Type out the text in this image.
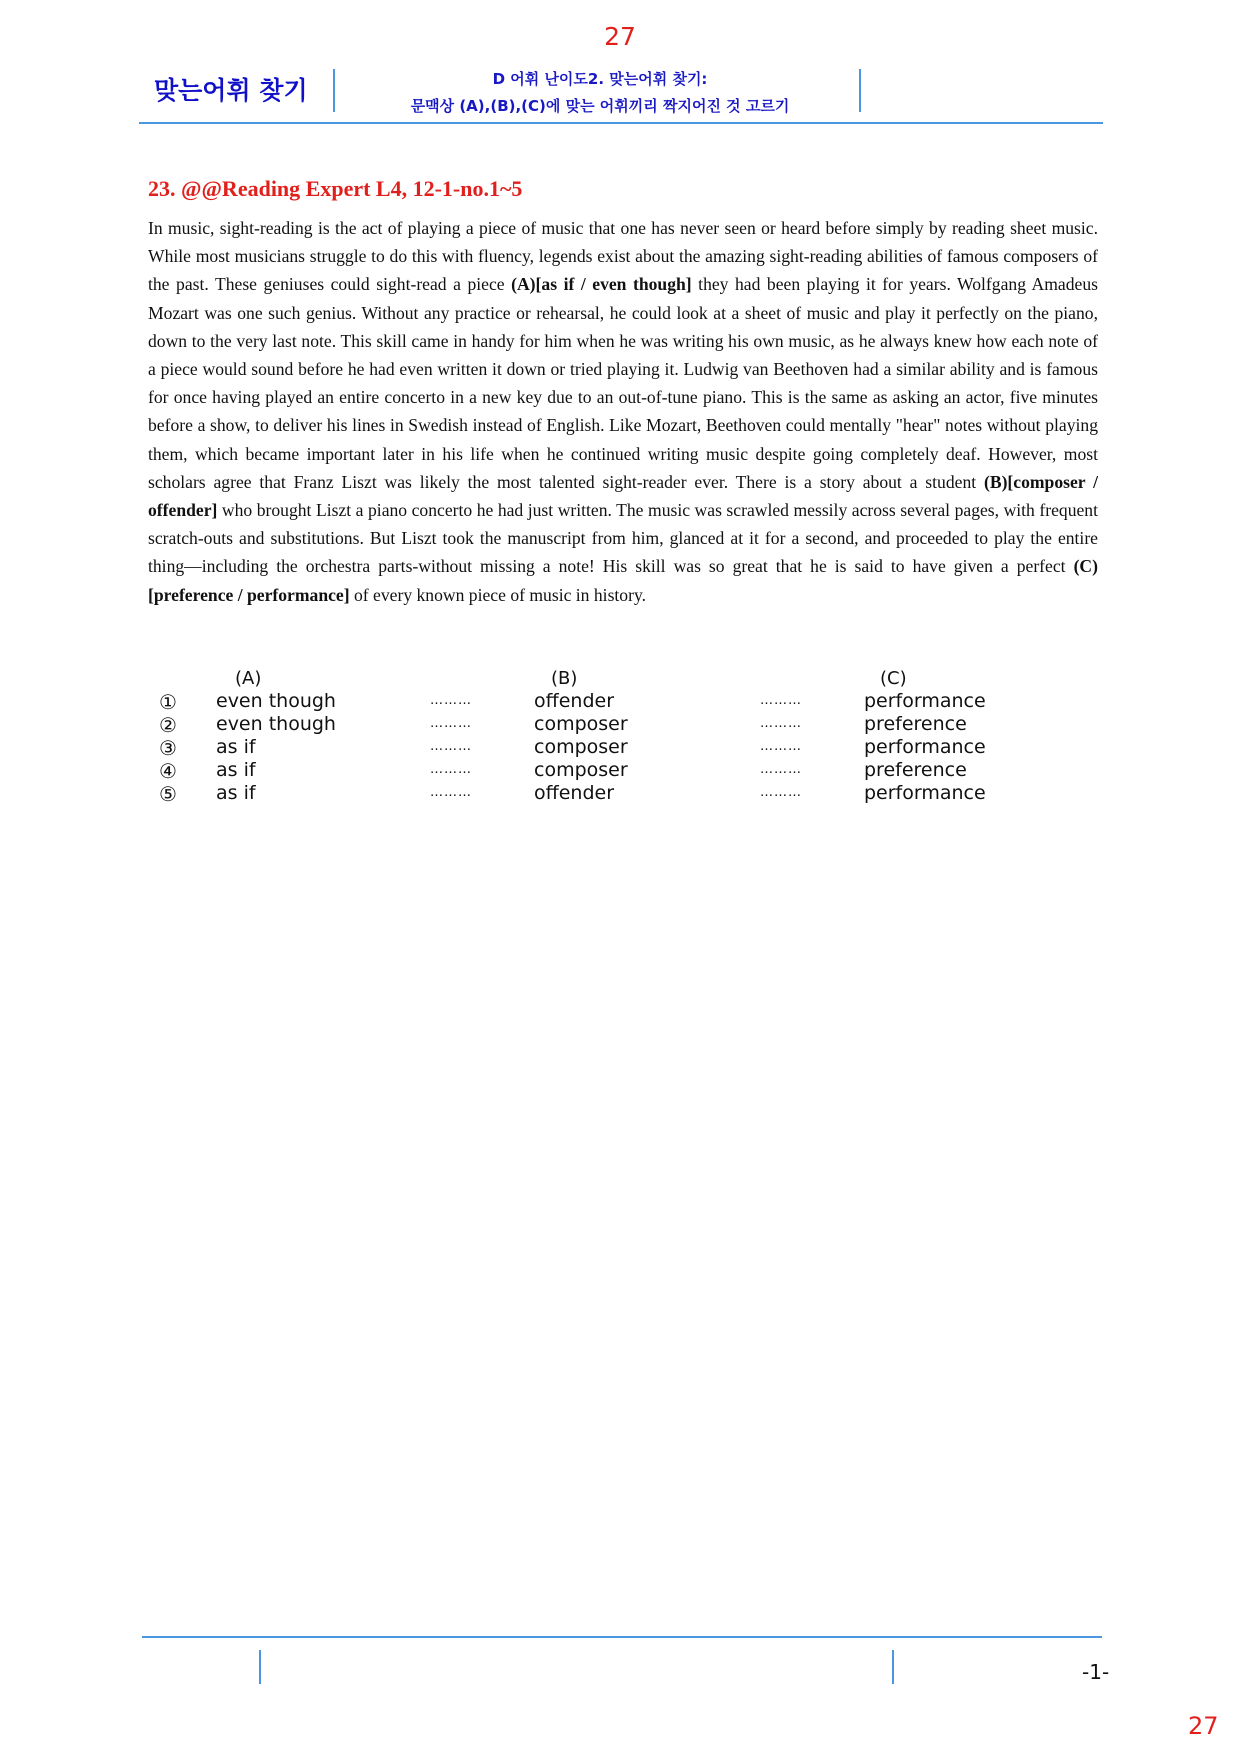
27
맞는어휘 찾기	D 어휘 난이도2. 맞는어휘 찾기:
문맥상 (A),(B),(C)에 맞는 어휘끼리 짝지어진 것 고르기
23. @@Reading Expert L4, 12-1-no.1~5
In music, sight-reading is the act of playing a piece of music that one has never seen or heard before simply by reading sheet music. While most musicians struggle to do this with fluency, legends exist about the amazing sight-reading abilities of famous composers of the past. These geniuses could sight-read a piece (A)[as if / even though] they had been playing it for years. Wolfgang Amadeus Mozart was one such genius. Without any practice or rehearsal, he could look at a sheet of music and play it perfectly on the piano, down to the very last note. This skill came in handy for him when he was writing his own music, as he always knew how each note of a piece would sound before he had even written it down or tried playing it. Ludwig van Beethoven had a similar ability and is famous for once having played an entire concerto in a new key due to an out-of-tune piano. This is the same as asking an actor, five minutes before a show, to deliver his lines in Swedish instead of English. Like Mozart, Beethoven could mentally "hear" notes without playing them, which became important later in his life when he continued writing music despite going completely deaf. However, most scholars agree that Franz Liszt was likely the most talented sight-reader ever. There is a story about a student (B)[composer / offender] who brought Liszt a piano concerto he had just written. The music was scrawled messily across several pages, with frequent scratch-outs and substitutions. But Liszt took the manuscript from him, glanced at it for a second, and proceeded to play the entire thing—including the orchestra parts-without missing a note! His skill was so great that he is said to have given a perfect (C)[preference / performance] of every known piece of music in history.
(A)	(B)	(C)
① even though	………	offender	………	performance
② even though	………	composer	………	preference
③ as if	………	composer	………	performance
④ as if	………	composer	………	preference
⑤ as if	………	offender	………	performance
-1-
27
